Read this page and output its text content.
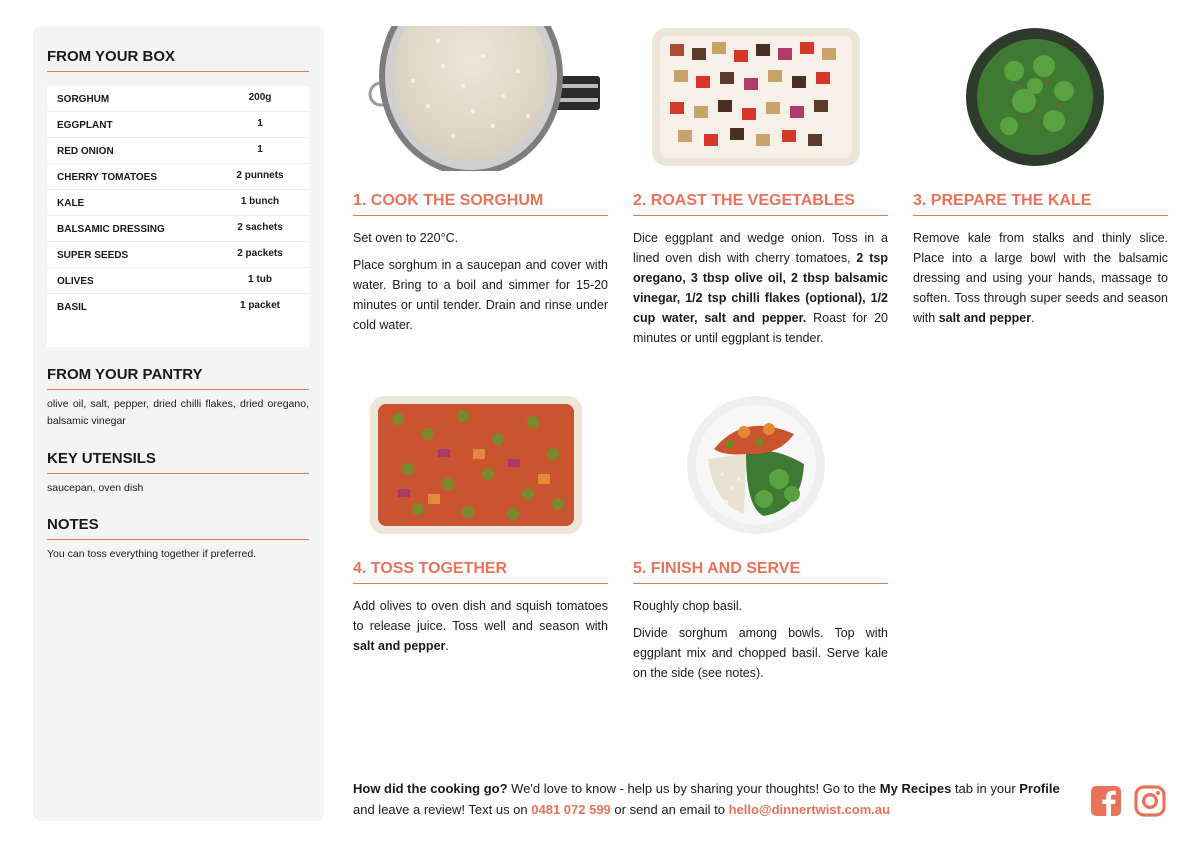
FROM YOUR BOX
SORGHUM	200g
EGGPLANT	1
RED ONION	1
CHERRY TOMATOES	2 punnets
KALE	1 bunch
BALSAMIC DRESSING	2 sachets
SUPER SEEDS	2 packets
OLIVES	1 tub
BASIL	1 packet
FROM YOUR PANTRY
olive oil, salt, pepper, dried chilli flakes, dried oregano, balsamic vinegar
KEY UTENSILS
saucepan, oven dish
NOTES
You can toss everything together if preferred.
1. COOK THE SORGHUM

Set oven to 220°C.

Place sorghum in a saucepan and cover with water. Bring to a boil and simmer for 15-20 minutes or until tender. Drain and rinse under cold water.

2. ROAST THE VEGETABLES

Dice eggplant and wedge onion. Toss in a lined oven dish with cherry tomatoes, 2 tsp oregano, 3 tbsp olive oil, 2 tbsp balsamic vinegar, 1/2 tsp chilli flakes (optional), 1/2 cup water, salt and pepper. Roast for 20 minutes or until eggplant is tender.

3. PREPARE THE KALE

Remove kale from stalks and thinly slice. Place into a large bowl with the balsamic dressing and using your hands, massage to soften. Toss through super seeds and season with salt and pepper.

4. TOSS TOGETHER

Add olives to oven dish and squish tomatoes to release juice. Toss well and season with salt and pepper.

5. FINISH AND SERVE

Roughly chop basil.

Divide sorghum among bowls. Top with eggplant mix and chopped basil. Serve kale on the side (see notes).

How did the cooking go? We'd love to know - help us by sharing your thoughts! Go to the My Recipes tab in your Profile and leave a review! Text us on 0481 072 599 or send an email to hello@dinnertwist.com.au
